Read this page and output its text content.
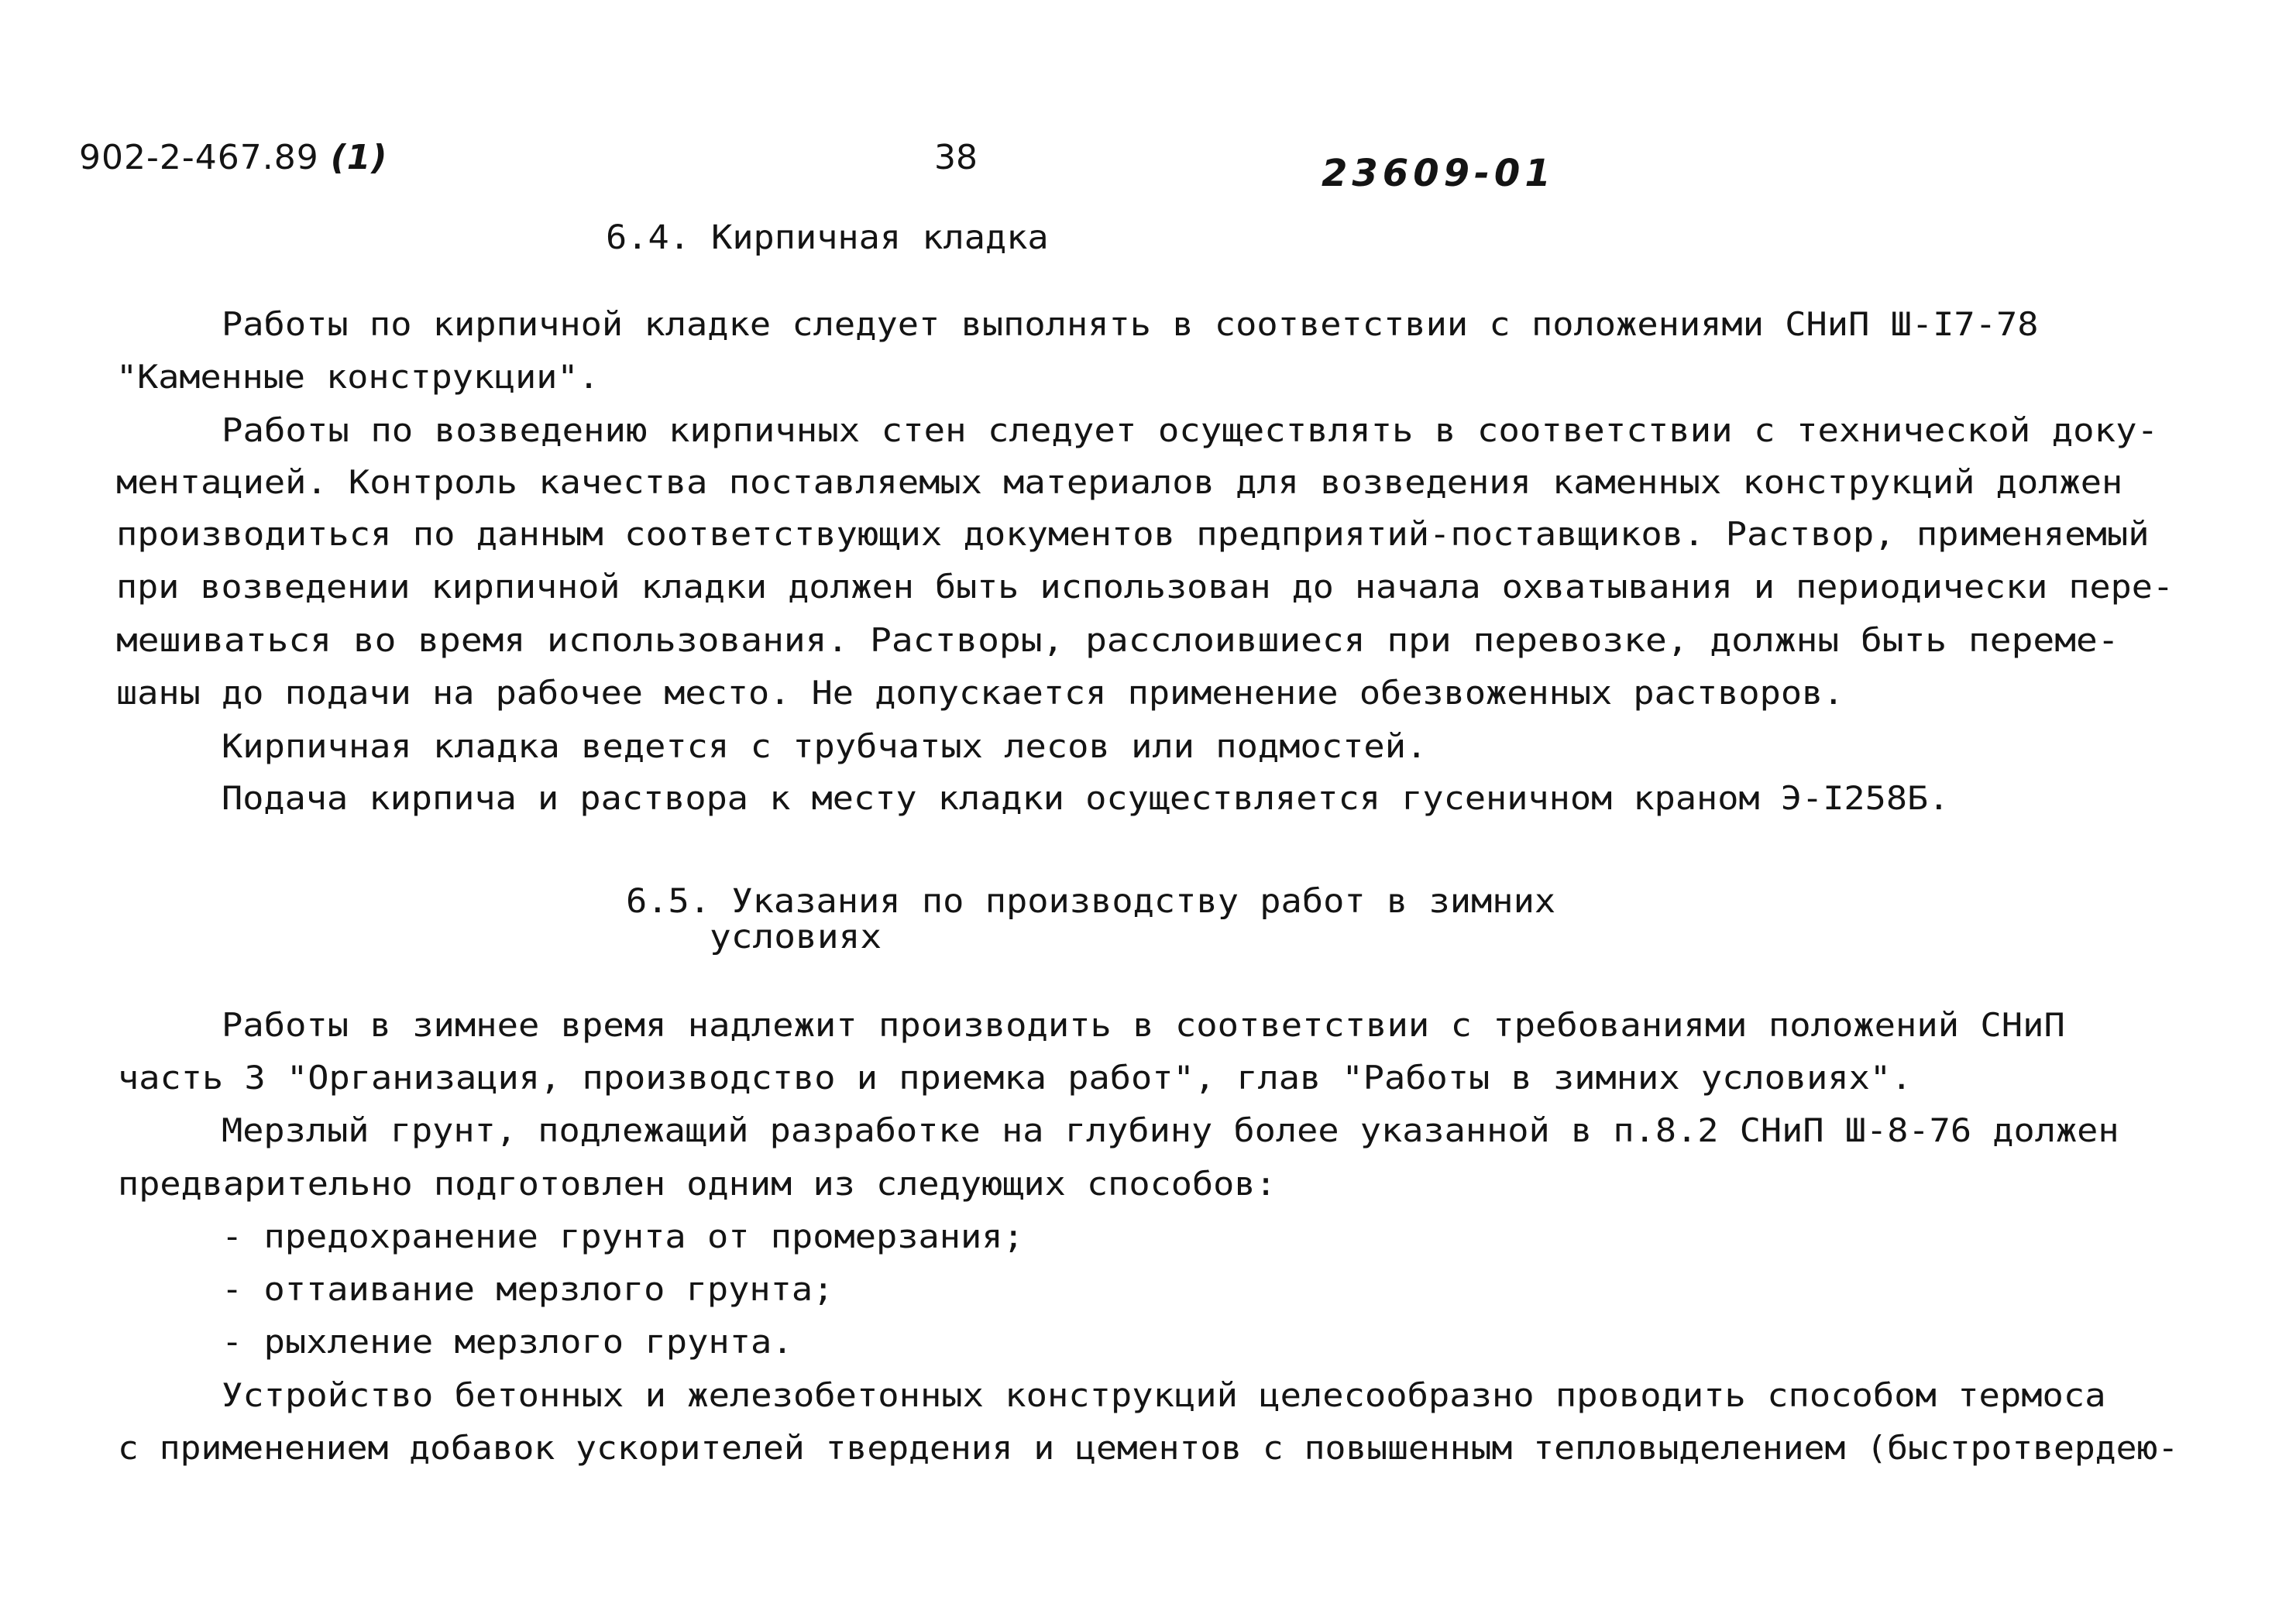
902-2-467.89 (1)	38	23609-01
6.4. Кирпичная кладка
Работы по кирпичной кладке следует выполнять в соответствии с положениями СНиП Ш-I7-78
"Каменные конструкции".
Работы по возведению кирпичных стен следует осуществлять в соответствии с технической доку-
ментацией. Контроль качества поставляемых материалов для возведения каменных конструкций должен
производиться по данным соответствующих документов предприятий-поставщиков. Раствор, применяемый
при возведении кирпичной кладки должен быть использован до начала охватывания и периодически пере-
мешиваться во время использования. Растворы, расслоившиеся при перевозке, должны быть переме-
шаны до подачи на рабочее место. Не допускается применение обезвоженных растворов.
Кирпичная кладка ведется с трубчатых лесов или подмостей.
Подача кирпича и раствора к месту кладки осуществляется гусеничном краном Э-I258Б.
6.5. Указания по производству работ в зимних
условиях
Работы в зимнее время надлежит производить в соответствии с требованиями положений СНиП
часть 3 "Организация, производство и приемка работ", глав "Работы в зимних условиях".
Мерзлый грунт, подлежащий разработке на глубину более указанной в п.8.2 СНиП Ш-8-76 должен
предварительно подготовлен одним из следующих способов:
- предохранение грунта от промерзания;
- оттаивание мерзлого грунта;
- рыхление мерзлого грунта.
Устройство бетонных и железобетонных конструкций целесообразно проводить способом термоса
с применением добавок ускорителей твердения и цементов с повышенным тепловыделением (быстротвердею-
